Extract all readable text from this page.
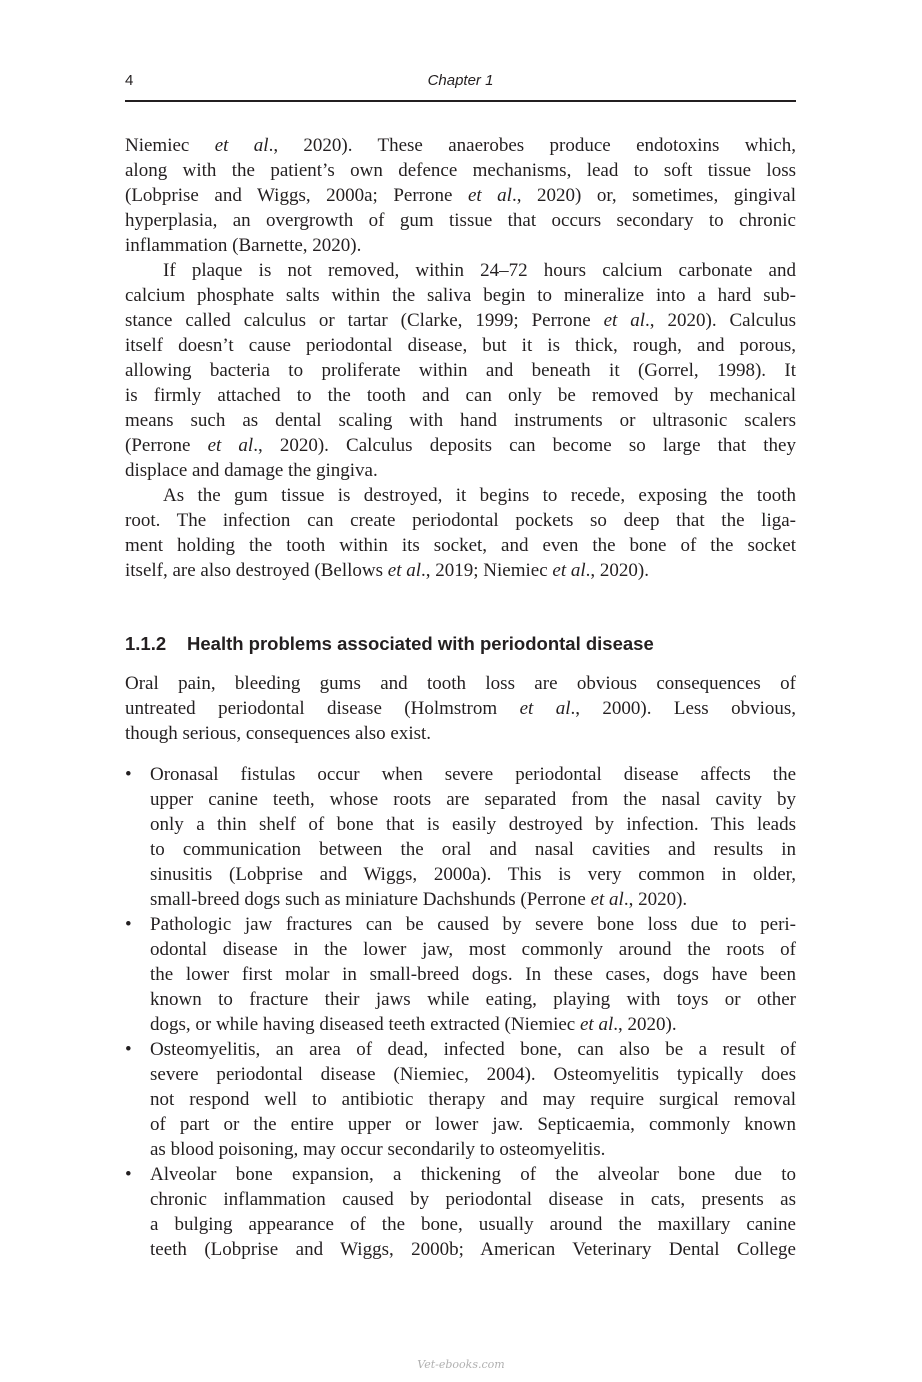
4	Chapter 1
Niemiec et al., 2020). These anaerobes produce endotoxins which,
along with the patient’s own defence mechanisms, lead to soft tissue loss
(Lobprise and Wiggs, 2000a; Perrone et al., 2020) or, sometimes, gingival
hyperplasia, an overgrowth of gum tissue that occurs secondary to chronic
inflammation (Barnette, 2020).
If plaque is not removed, within 24–72 hours calcium carbonate and
calcium phosphate salts within the saliva begin to mineralize into a hard sub-
stance called calculus or tartar (Clarke, 1999; Perrone et al., 2020). Calculus
itself doesn’t cause periodontal disease, but it is thick, rough, and porous,
allowing bacteria to proliferate within and beneath it (Gorrel, 1998). It
is firmly attached to the tooth and can only be removed by mechanical
means such as dental scaling with hand instruments or ultrasonic scalers
(Perrone et al., 2020). Calculus deposits can become so large that they
displace and damage the gingiva.
As the gum tissue is destroyed, it begins to recede, exposing the tooth
root. The infection can create periodontal pockets so deep that the liga-
ment holding the tooth within its socket, and even the bone of the socket
itself, are also destroyed (Bellows et al., 2019; Niemiec et al., 2020).
1.1.2 Health problems associated with periodontal disease
Oral pain, bleeding gums and tooth loss are obvious consequences of
untreated periodontal disease (Holmstrom et al., 2000). Less obvious,
though serious, consequences also exist.
• Oronasal fistulas occur when severe periodontal disease affects the
upper canine teeth, whose roots are separated from the nasal cavity by
only a thin shelf of bone that is easily destroyed by infection. This leads
to communication between the oral and nasal cavities and results in
sinusitis (Lobprise and Wiggs, 2000a). This is very common in older,
small-breed dogs such as miniature Dachshunds (Perrone et al., 2020).
• Pathologic jaw fractures can be caused by severe bone loss due to peri-
odontal disease in the lower jaw, most commonly around the roots of
the lower first molar in small-breed dogs. In these cases, dogs have been
known to fracture their jaws while eating, playing with toys or other
dogs, or while having diseased teeth extracted (Niemiec et al., 2020).
• Osteomyelitis, an area of dead, infected bone, can also be a result of
severe periodontal disease (Niemiec, 2004). Osteomyelitis typically does
not respond well to antibiotic therapy and may require surgical removal
of part or the entire upper or lower jaw. Septicaemia, commonly known
as blood poisoning, may occur secondarily to osteomyelitis.
• Alveolar bone expansion, a thickening of the alveolar bone due to
chronic inflammation caused by periodontal disease in cats, presents as
a bulging appearance of the bone, usually around the maxillary canine
teeth (Lobprise and Wiggs, 2000b; American Veterinary Dental College
Vet-ebooks.com
